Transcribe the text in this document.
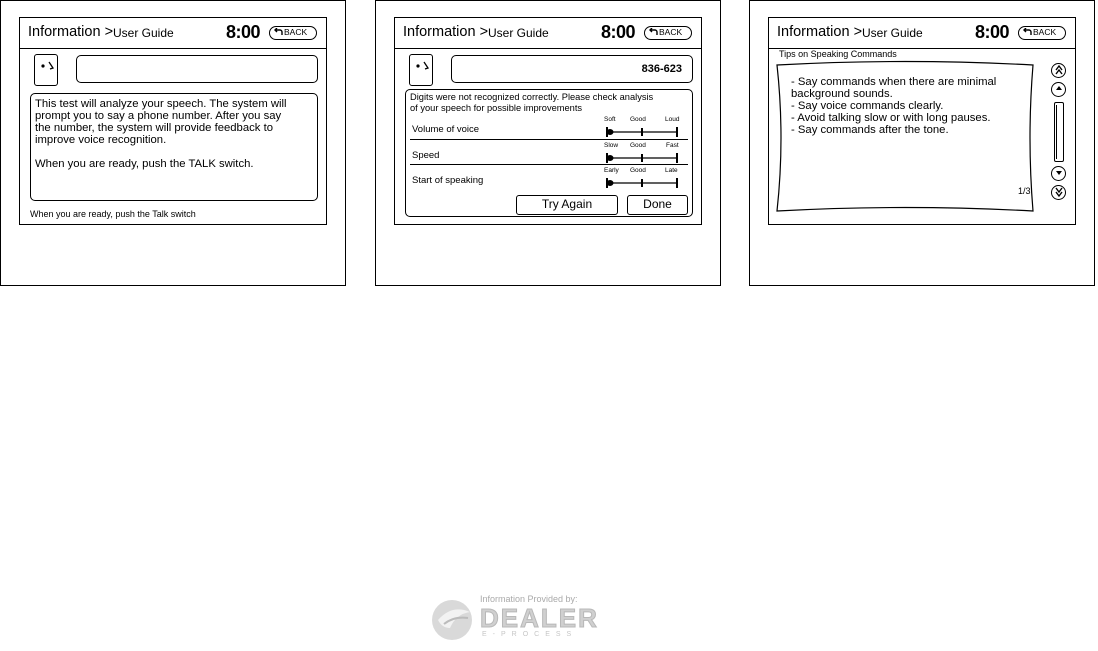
Information > User Guide	8:00	BACK
This test will analyze your speech. The system will
prompt you to say a phone number. After you say
the number, the system will provide feedback to
improve voice recognition.
When you are ready, push the TALK switch.
When you are ready, push the Talk switch
Information > User Guide	8:00	BACK
836-623
Digits were not recognized correctly. Please check analysis
of your speech for possible improvements
Volume of voice
Soft Good	Loud
Speed
Slow Good	Fast
Start of speaking
Early Good	Late
Try Again	Done
Information > User Guide	8:00	BACK
Tips on Speaking Commands
- Say commands when there are minimal
background sounds.
- Say voice commands clearly.
- Avoid talking slow or with long pauses.
- Say commands after the tone.
1/3
Information Provided by:
DEALER
E-PROCESS
